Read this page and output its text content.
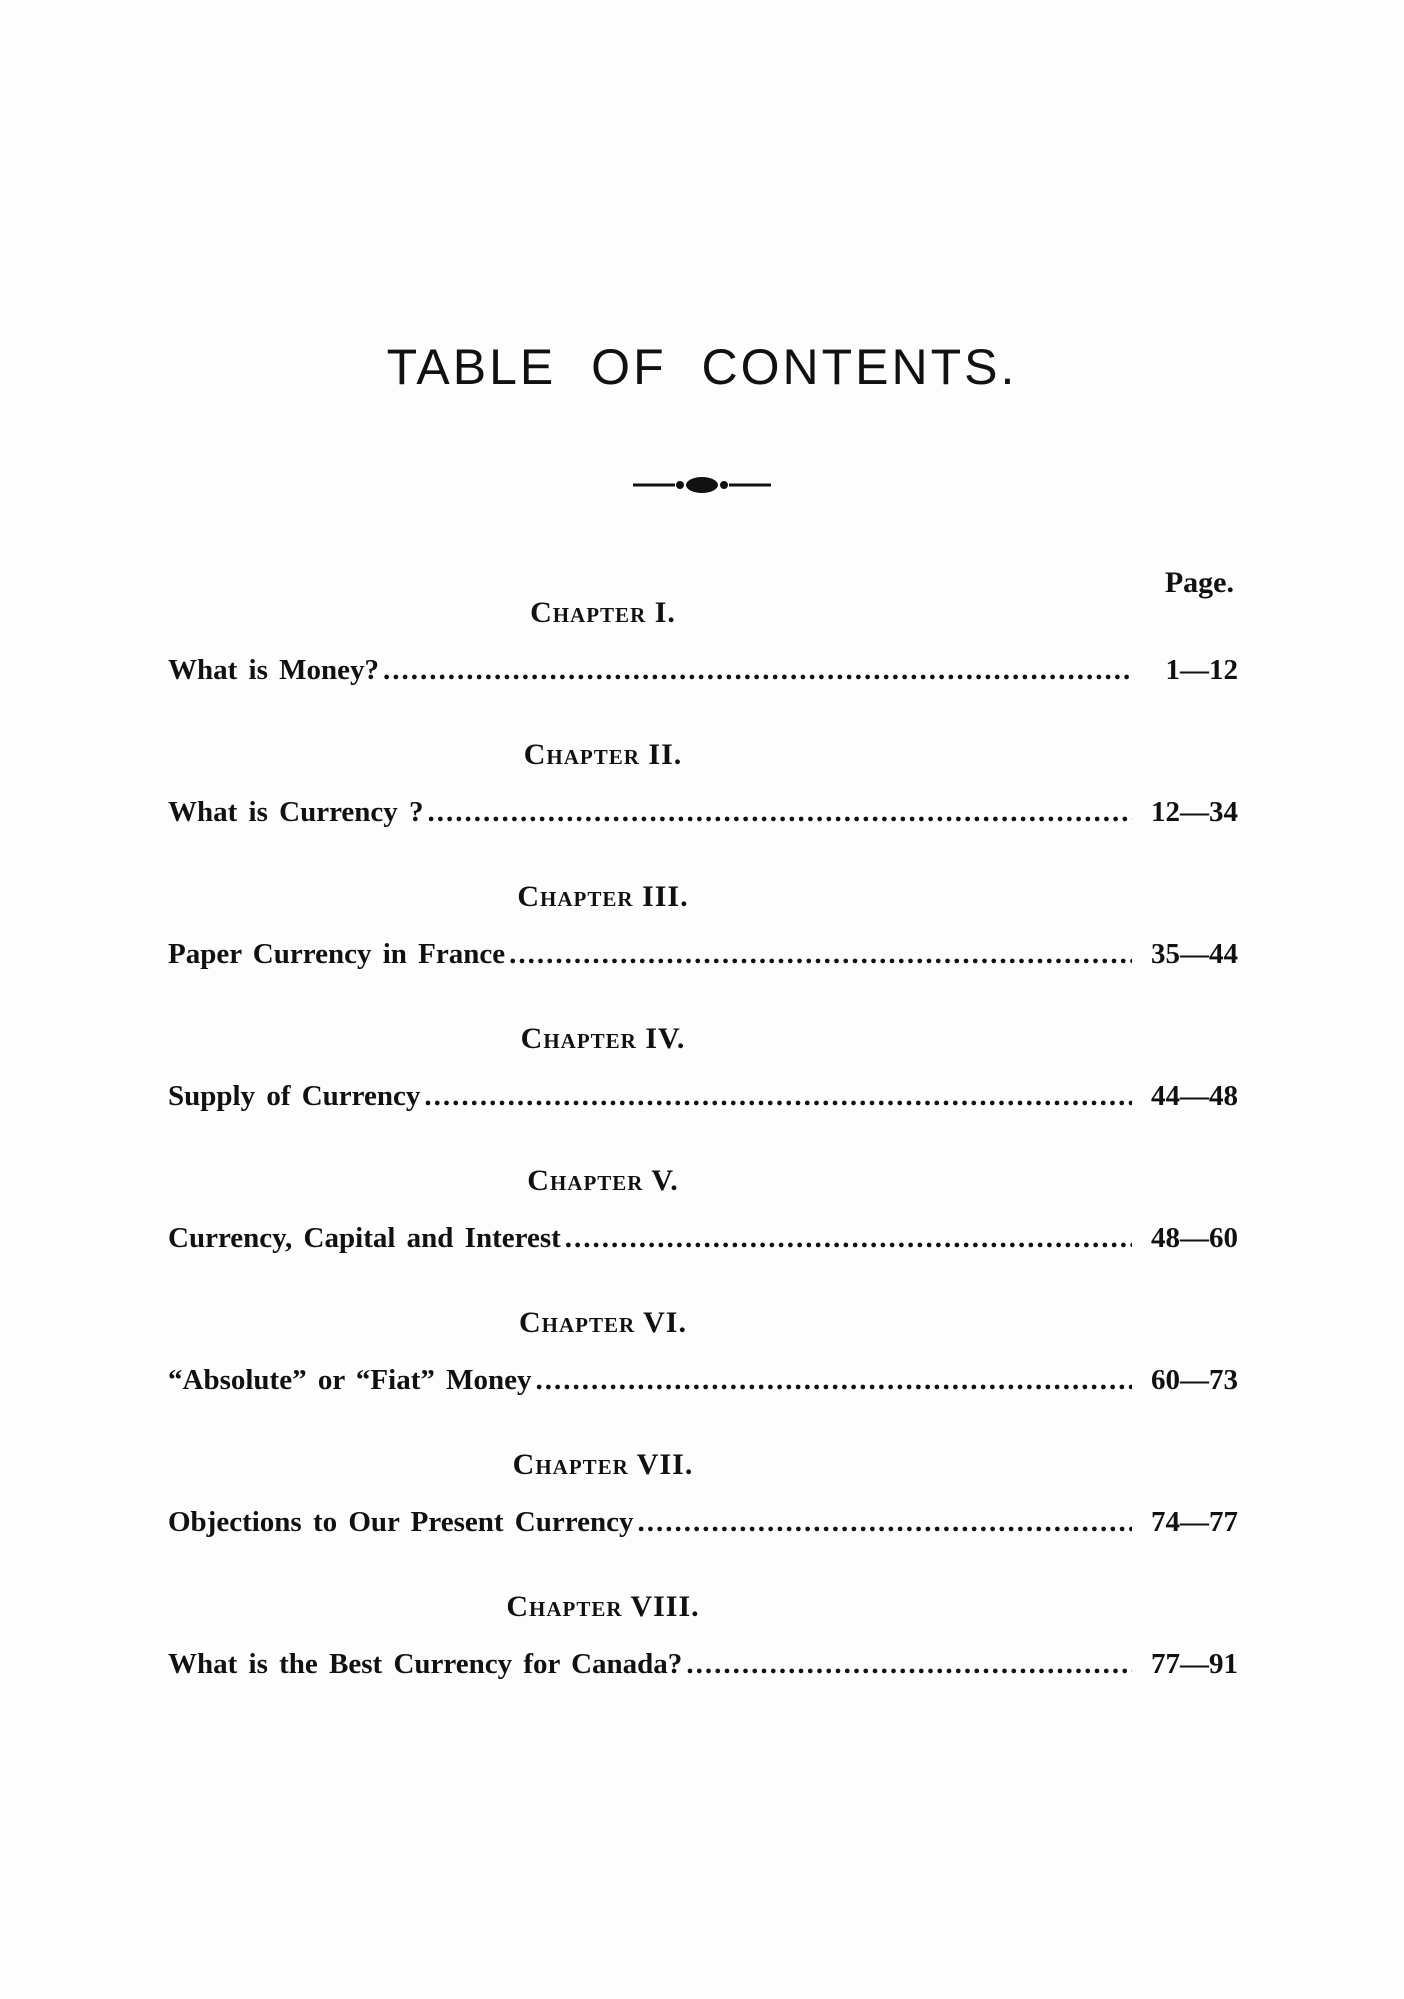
TABLE OF CONTENTS.
Page.
Chapter I.
What is Money? .....	1—12
Chapter II.
What is Currency ? .....	12—34
Chapter III.
Paper Currency in France .....	35—44
Chapter IV.
Supply of Currency .....	44—48
Chapter V.
Currency, Capital and Interest .....	48—60
Chapter VI.
“Absolute” or “Fiat” Money .....	60—73
Chapter VII.
Objections to Our Present Currency .....	74—77
Chapter VIII.
What is the Best Currency for Canada? .....	77—91
